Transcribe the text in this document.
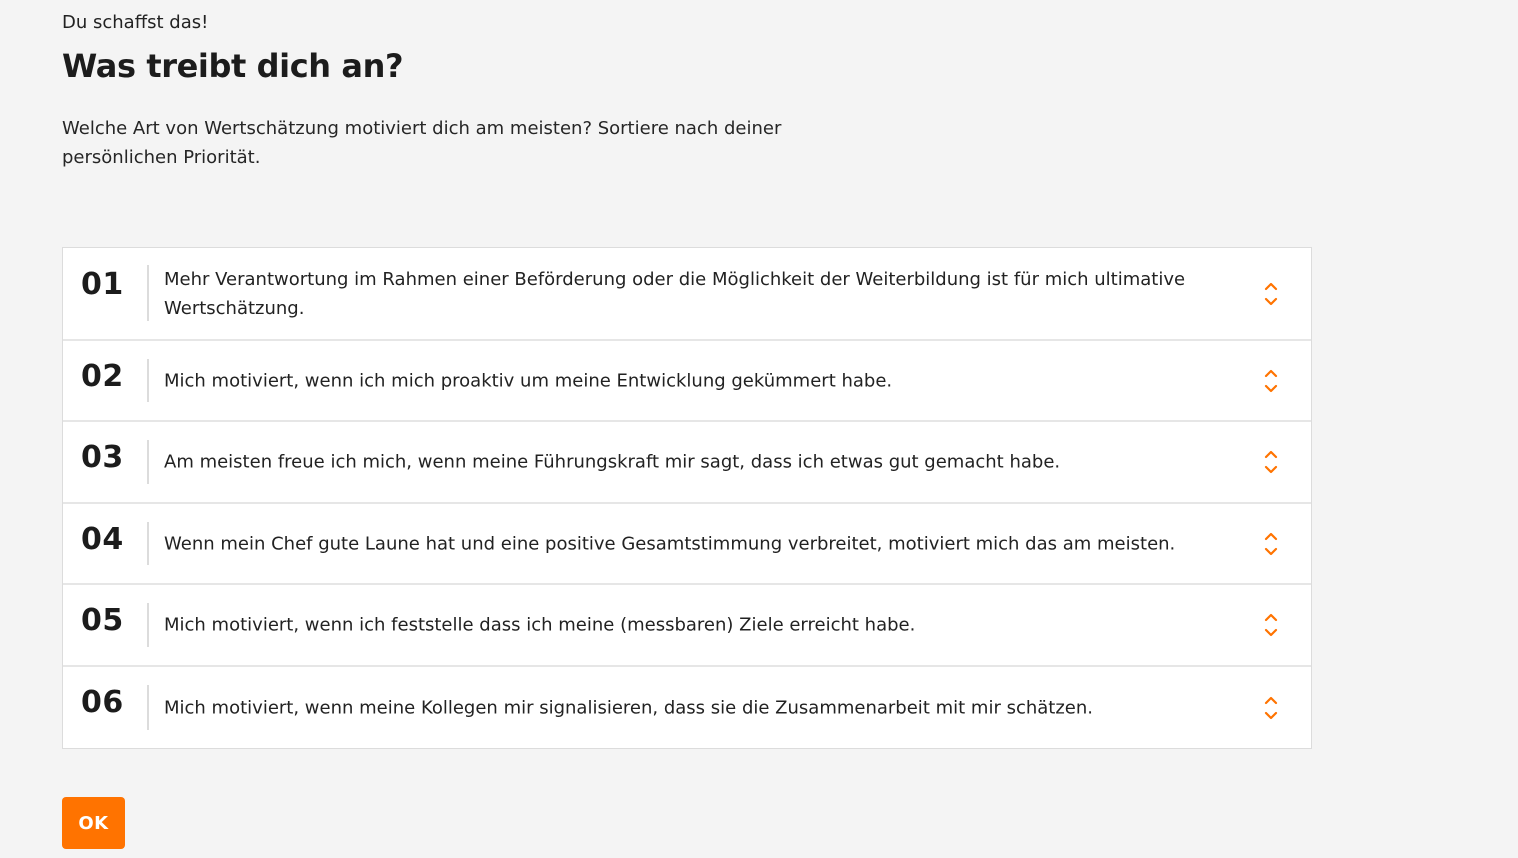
Du schaffst das!
Was treibt dich an?
Welche Art von Wertschätzung motiviert dich am meisten? Sortiere nach deiner persönlichen Priorität.
01 Mehr Verantwortung im Rahmen einer Beförderung oder die Möglichkeit der Weiterbildung ist für mich ultimative Wertschätzung.
02 Mich motiviert, wenn ich mich proaktiv um meine Entwicklung gekümmert habe.
03 Am meisten freue ich mich, wenn meine Führungskraft mir sagt, dass ich etwas gut gemacht habe.
04 Wenn mein Chef gute Laune hat und eine positive Gesamtstimmung verbreitet, motiviert mich das am meisten.
05 Mich motiviert, wenn ich feststelle dass ich meine (messbaren) Ziele erreicht habe.
06 Mich motiviert, wenn meine Kollegen mir signalisieren, dass sie die Zusammenarbeit mit mir schätzen.
OK
